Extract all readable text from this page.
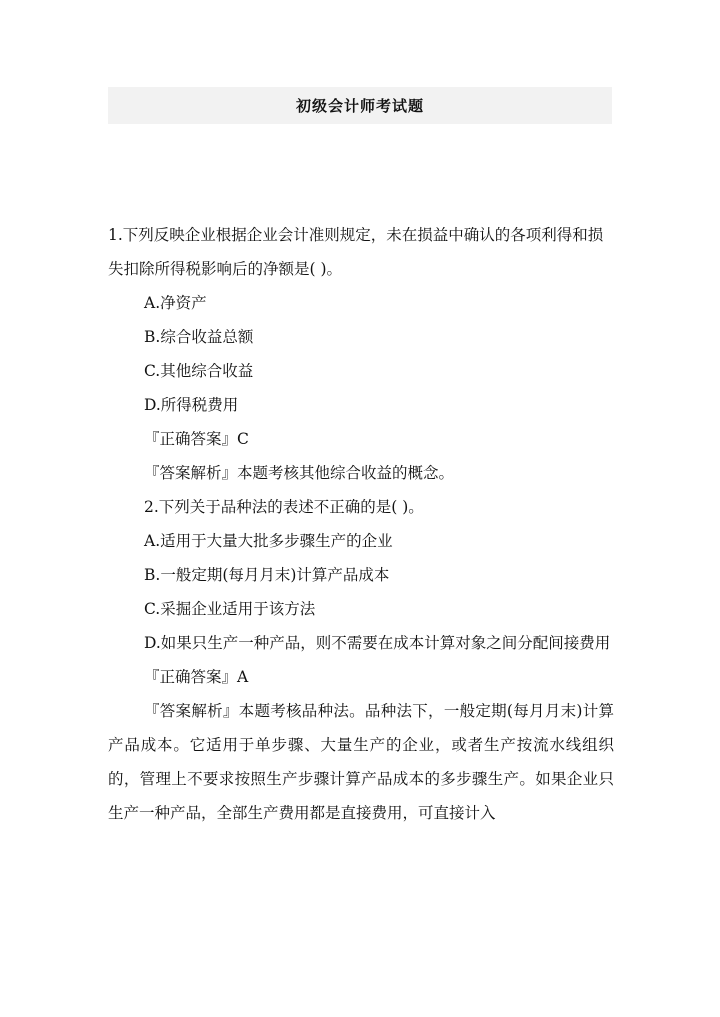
初级会计师考试题

1.下列反映企业根据企业会计准则规定，未在损益中确认的各项利得和损失扣除所得税影响后的净额是( )。

A.净资产

B.综合收益总额

C.其他综合收益

D.所得税费用

『正确答案』C

『答案解析』本题考核其他综合收益的概念。

2.下列关于品种法的表述不正确的是( )。

A.适用于大量大批多步骤生产的企业

B.一般定期(每月月末)计算产品成本

C.采掘企业适用于该方法

D.如果只生产一种产品，则不需要在成本计算对象之间分配间接费用

『正确答案』A

『答案解析』本题考核品种法。品种法下，一般定期(每月月末)计算产品成本。它适用于单步骤、大量生产的企业，或者生产按流水线组织的，管理上不要求按照生产步骤计算产品成本的多步骤生产。如果企业只生产一种产品，全部生产费用都是直接费用，可直接计入
